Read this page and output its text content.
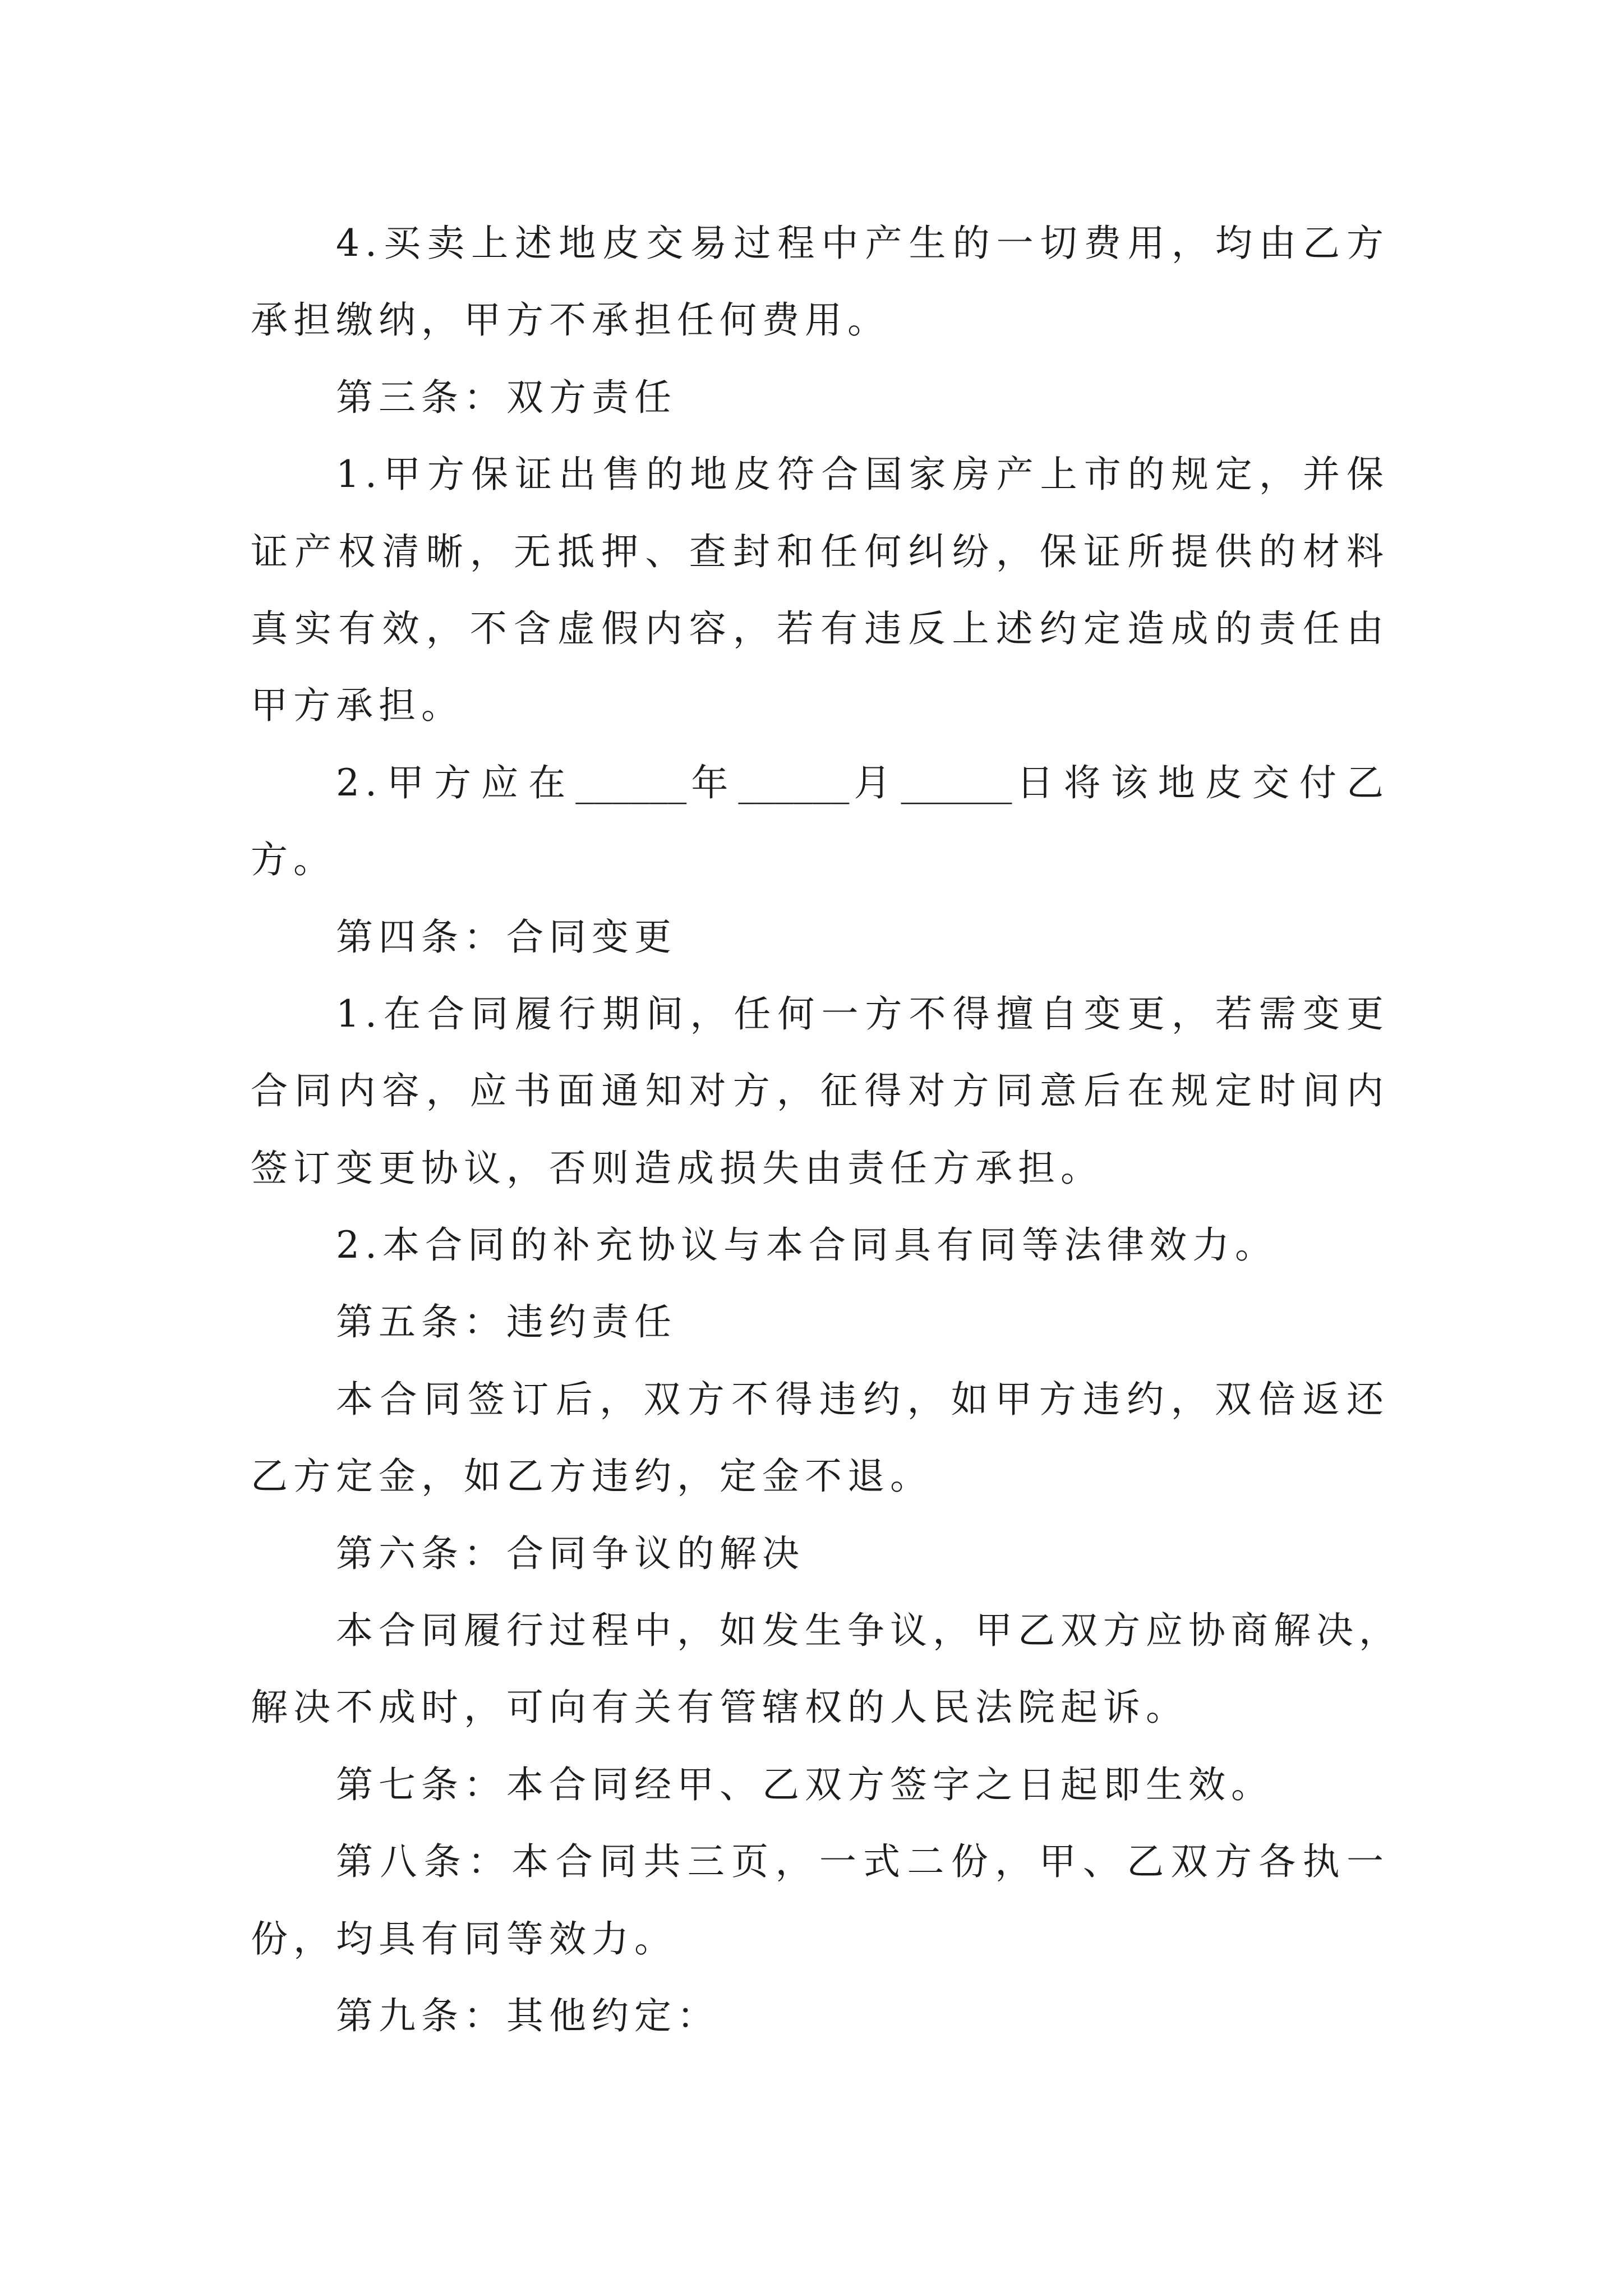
4.买卖上述地皮交易过程中产生的一切费用，均由乙方
承担缴纳，甲方不承担任何费用。
第三条：双方责任
1.甲方保证出售的地皮符合国家房产上市的规定，并保
证产权清晰，无抵押、查封和任何纠纷，保证所提供的材料
真实有效，不含虚假内容，若有违反上述约定造成的责任由
甲方承担。
2.甲方应在______年______月______日将该地皮交付乙
方。
第四条：合同变更
1.在合同履行期间，任何一方不得擅自变更，若需变更
合同内容，应书面通知对方，征得对方同意后在规定时间内
签订变更协议，否则造成损失由责任方承担。
2.本合同的补充协议与本合同具有同等法律效力。
第五条：违约责任
本合同签订后，双方不得违约，如甲方违约，双倍返还
乙方定金，如乙方违约，定金不退。
第六条：合同争议的解决
本合同履行过程中，如发生争议，甲乙双方应协商解决，
解决不成时，可向有关有管辖权的人民法院起诉。
第七条：本合同经甲、乙双方签字之日起即生效。
第八条：本合同共三页，一式二份，甲、乙双方各执一
份，均具有同等效力。
第九条：其他约定：
